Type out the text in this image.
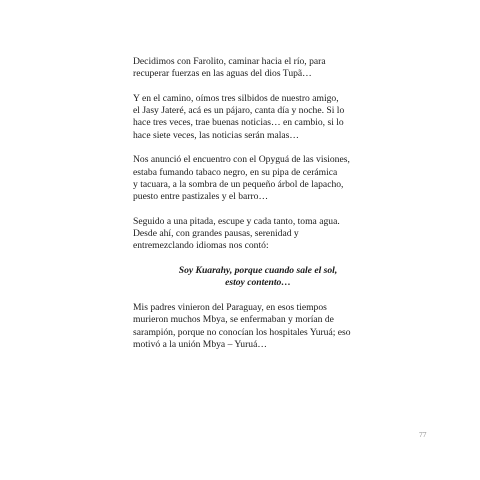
Decidimos con Farolito, caminar hacia el río, para
recuperar fuerzas en las aguas del dios Tupã…

Y en el camino, oímos tres silbidos de nuestro amigo,
el Jasy Jateré, acá es un pájaro, canta día y noche. Si lo
hace tres veces, trae buenas noticias… en cambio, si lo
hace siete veces, las noticias serán malas…

Nos anunció el encuentro con el Opyguá de las visiones,
estaba fumando tabaco negro, en su pipa de cerámica
y tacuara, a la sombra de un pequeño árbol de lapacho,
puesto entre pastizales y el barro…

Seguido a una pitada, escupe y cada tanto, toma agua.
Desde ahí, con grandes pausas, serenidad y
entremezclando idiomas nos contó:

Soy Kuarahy, porque cuando sale el sol,
estoy contento…

Mis padres vinieron del Paraguay, en esos tiempos
murieron muchos Mbya, se enfermaban y morían de
sarampión, porque no conocían los hospitales Yuruá; eso
motivó a la unión Mbya – Yuruá…

77
